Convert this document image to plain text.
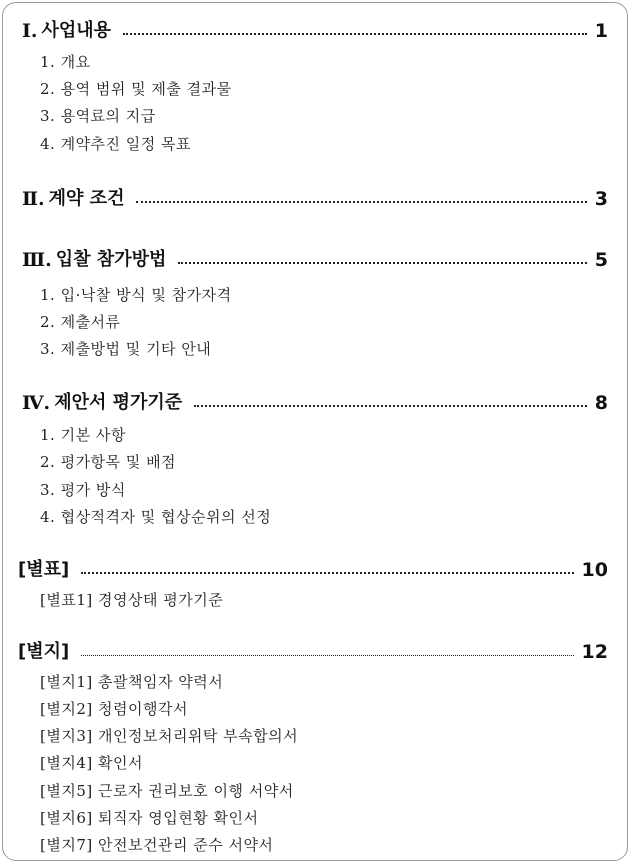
Ⅰ. 사업내용	1
1. 개요
2. 용역 범위 및 제출 결과물
3. 용역료의 지급
4. 계약추진 일정 목표
Ⅱ. 계약 조건	3
Ⅲ. 입찰 참가방법	5
1. 입·낙찰 방식 및 참가자격
2. 제출서류
3. 제출방법 및 기타 안내
Ⅳ. 제안서 평가기준	8
1. 기본 사항
2. 평가항목 및 배점
3. 평가 방식
4. 협상적격자 및 협상순위의 선정
[별표]	10
[별표1] 경영상태 평가기준
[별지]	12
[별지1] 총괄책임자 약력서
[별지2] 청렴이행각서
[별지3] 개인정보처리위탁 부속합의서
[별지4] 확인서
[별지5] 근로자 권리보호 이행 서약서
[별지6] 퇴직자 영입현황 확인서
[별지7] 안전보건관리 준수 서약서
